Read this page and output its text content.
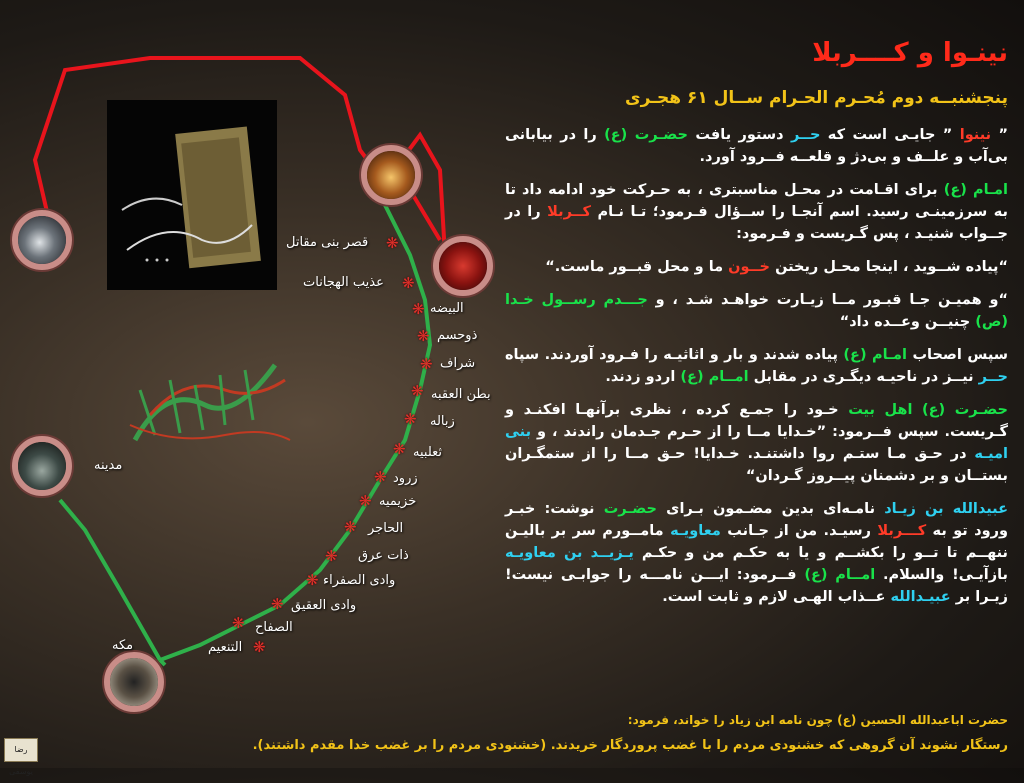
❋
قصر بنی مقاتل
❋
عذیب الهجانات
❋ البیضه
❋ ذوحسم
❋ شراف
❋ بطن العقبه
❋ زباله
❋ ثعلبیه
❋ زرود
❋ خزیمیه
❋ الحاجر
❋ ذات عرق
❋ وادی الصفراء
❋ وادی العقیق
❋ الصفاح
❋
التنعیم
مکه
مدینه
نینـوا و کــــربلا
پنجشنبــه دوم مُحـرم الحـرام ســال ۶۱ هجـری

” نینوا ” جایـی است که حــر دستور یافت حضـرت (ع) را در بیابانی بی‌آب و علــف و بی‌دژ و قلعــه فــرود آورد.

امـام (ع) برای اقـامت در محـل مناسبتری ، به حـرکت خود ادامه داد تا به سرزمینـی رسید. اسم آنجـا را ســؤال فـرمود؛ تـا نـام کــربلا را در جــواب شنیـد ، پس گـریست و فـرمود:

“پیاده شــوید ، اینجا محـل ریختن خــون ما و محل قبــور ماست.“

“و همیـن جـا قبـور مــا زیـارت خواهـد شـد ، و جـــدم رســول خـدا (ص) چنیــن وعــده داد“

سپس اصحاب امـام (ع) پیاده شدند و بار و اثاثیـه را فـرود آوردند. سپاه حــر نیــز در ناحیـه دیگـری در مقابل امــام (ع) اردو زدند.

حضـرت (ع) اهل بیت خـود را جمـع کرده ، نظری برآنهـا افکنـد و گـریست. سپس فــرمود: ”خـدایا مــا را از حـرم جـدمان راندند ، و بنی امیـه در حـق مـا ستـم روا داشتنـد. خـدایا! حـق مــا را از ستمگـران بستــان و بر دشمنان پیــروز گـردان“

عبیدالله بن زیـاد نامـه‌ای بدین مضـمون بـرای حضـرت نوشت: خبـر ورود تو به کـــربلا رسیـد. من از جـانب معاویـه مامــورم سر بر بالیـن ننهــم تا تــو را بکشــم و یا به حکـم من و حکـم یـزیــد بن معاویـه بازآیـی! والسلام. امــام (ع) فــرمود: ایـــن نامـــه را جوابـی نیست! زیـرا بر عبیـدالله عــذاب الهـی لازم و ثابت است.

حضرت اباعبدالله الحسین (ع) چون نامه ابن زیاد را خواند، فرمود:
رستگار نشوند آن گروهی که خشنودی مردم را با غضب پروردگار خریدند. (خشنودی مردم را بر غضب خدا مقدم داشتند).
رضا یوسفی
